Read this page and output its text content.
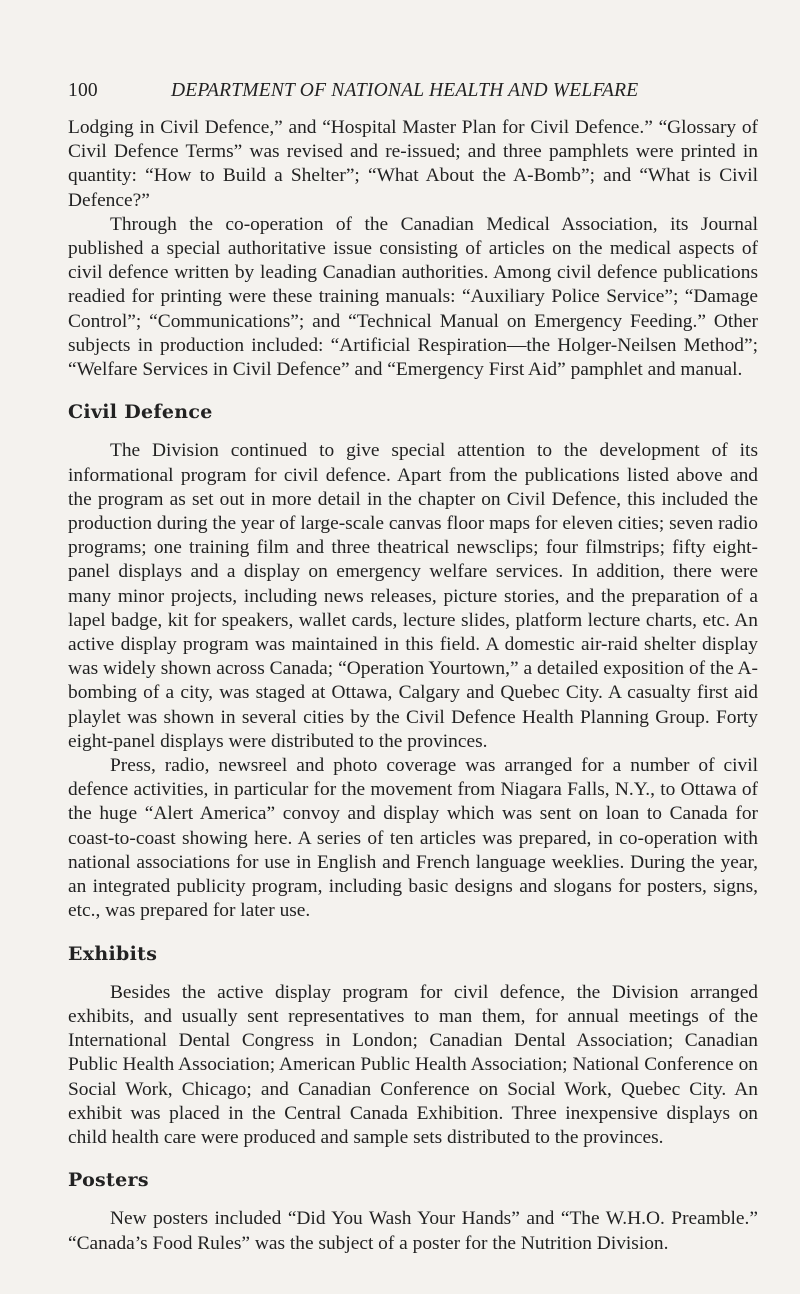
100	DEPARTMENT OF NATIONAL HEALTH AND WELFARE

Lodging in Civil Defence,” and “Hospital Master Plan for Civil Defence.” “Glossary of Civil Defence Terms” was revised and re-issued; and three pamphlets were printed in quantity: “How to Build a Shelter”; “What About the A-Bomb”; and “What is Civil Defence?”

Through the co-operation of the Canadian Medical Association, its Journal published a special authoritative issue consisting of articles on the medical aspects of civil defence written by leading Canadian authorities. Among civil defence publications readied for printing were these training manuals: “Auxiliary Police Service”; “Damage Control”; “Communications”; and “Technical Manual on Emergency Feeding.” Other subjects in production included: “Artificial Respiration—the Holger-Neilsen Method”; “Welfare Services in Civil Defence” and “Emergency First Aid” pamphlet and manual.

Civil Defence

The Division continued to give special attention to the development of its informational program for civil defence. Apart from the publications listed above and the program as set out in more detail in the chapter on Civil Defence, this included the production during the year of large-scale canvas floor maps for eleven cities; seven radio programs; one training film and three theatrical newsclips; four filmstrips; fifty eight-panel displays and a display on emergency welfare services. In addition, there were many minor projects, including news releases, picture stories, and the preparation of a lapel badge, kit for speakers, wallet cards, lecture slides, platform lecture charts, etc. An active display program was maintained in this field. A domestic air-raid shelter display was widely shown across Canada; “Operation Yourtown,” a detailed exposition of the A-bombing of a city, was staged at Ottawa, Calgary and Quebec City. A casualty first aid playlet was shown in several cities by the Civil Defence Health Planning Group. Forty eight-panel displays were distributed to the provinces.

Press, radio, newsreel and photo coverage was arranged for a number of civil defence activities, in particular for the movement from Niagara Falls, N.Y., to Ottawa of the huge “Alert America” convoy and display which was sent on loan to Canada for coast-to-coast showing here. A series of ten articles was prepared, in co-operation with national associations for use in English and French language weeklies. During the year, an integrated publicity program, including basic designs and slogans for posters, signs, etc., was prepared for later use.

Exhibits

Besides the active display program for civil defence, the Division arranged exhibits, and usually sent representatives to man them, for annual meetings of the International Dental Congress in London; Canadian Dental Association; Canadian Public Health Association; American Public Health Association; National Conference on Social Work, Chicago; and Canadian Conference on Social Work, Quebec City. An exhibit was placed in the Central Canada Exhibition. Three inexpensive displays on child health care were produced and sample sets distributed to the provinces.

Posters

New posters included “Did You Wash Your Hands” and “The W.H.O. Preamble.” “Canada’s Food Rules” was the subject of a poster for the Nutrition Division.
